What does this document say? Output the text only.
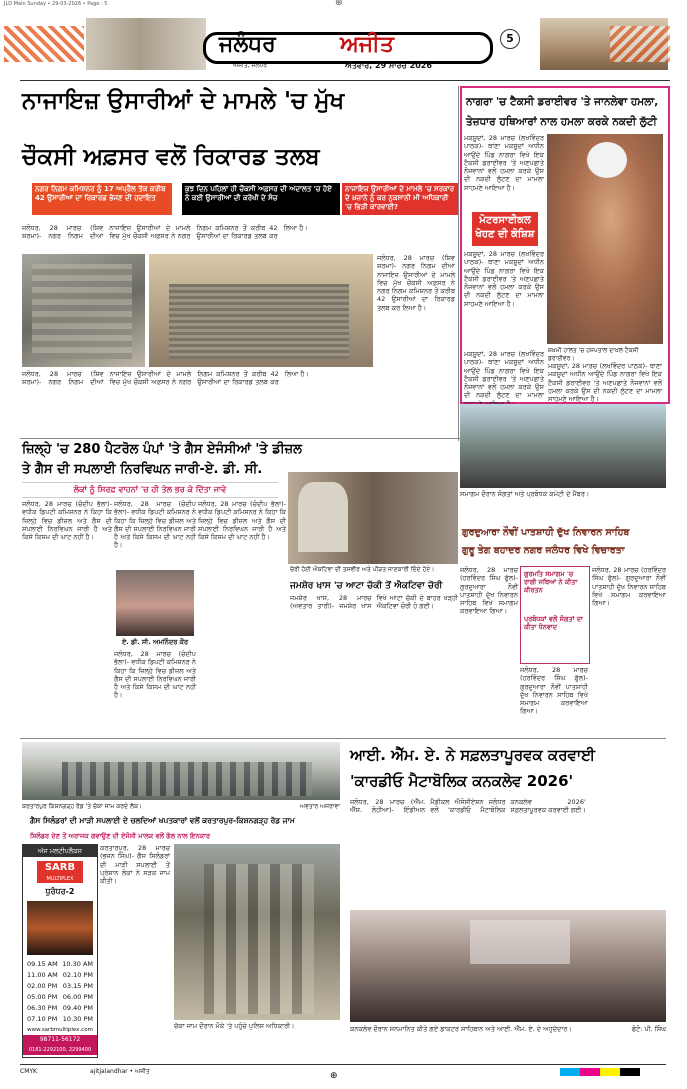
JLD Main Sunday • 29-03-2026 • Page : 5	⊕
ਜਲੰਧਰ	ਅਜੀਤ
ਅਜੀਤ, ਜਲੰਧਰ	ਐਤਵਾਰ, 29 ਮਾਰਚ 2026
5
ਨਾਜਾਇਜ਼ ਉਸਾਰੀਆਂ ਦੇ ਮਾਮਲੇ 'ਚ ਮੁੱਖ
ਚੌਕਸੀ ਅਫ਼ਸਰ ਵਲੋਂ ਰਿਕਾਰਡ ਤਲਬ
ਨਗਰ ਨਿਗਮ ਕਮਿਸ਼ਨਰ ਨੂੰ 17 ਅਪ੍ਰੈਲ ਤੱਕ ਕਰੀਬ 42 ਉਸਾਰੀਆਂ ਦਾ ਰਿਕਾਰਡ ਭੇਜਣ ਦੀ ਹਦਾਇਤ
ਕੁਝ ਦਿਨ ਪਹਿਲਾਂ ਹੀ ਚੌਕਸੀ ਅਫ਼ਸਰ ਦੀ ਅਦਾਲਤ 'ਚ ਹੋਏ ਨੇ ਕਈ ਉਸਾਰੀਆਂ ਦੀ ਕਰੋਖੀ ਦੇ ਸੰਚ
ਨਾਜਾਇਜ਼ ਉਸਾਰੀਆਂ ਦੇ ਮਾਮਲੇ 'ਚ ਸਰਕਾਰ ਦੇ ਖ਼ਜ਼ਾਨੇ ਨੂੰ ਕਰ ਨੁਕਸਾਨੀ ਮੀ ਅਧਿਕਾਰੀ 'ਚ ਭਿੜੀ ਕਾਰਵਾਈ?
ਜਲੰਧਰ, 28 ਮਾਰਚ (ਸ਼ਿਵ ਸ਼ਰਮਾ)- ਨਗਰ ਨਿਗਮ ਦੀਆਂ ਨਾਜਾਇਜ਼ ਉਸਾਰੀਆਂ ਦੇ ਮਾਮਲੇ ਵਿਚ ਮੁੱਖ ਚੌਕਸੀ ਅਫ਼ਸਰ ਨੇ ਨਗਰ ਨਿਗਮ ਕਮਿਸ਼ਨਰ ਤੋਂ ਕਰੀਬ 42 ਉਸਾਰੀਆਂ ਦਾ ਰਿਕਾਰਡ ਤਲਬ ਕਰ ਲਿਆ ਹੈ।
ਜਲੰਧਰ, 28 ਮਾਰਚ (ਸ਼ਿਵ ਸ਼ਰਮਾ)- ਨਗਰ ਨਿਗਮ ਦੀਆਂ ਨਾਜਾਇਜ਼ ਉਸਾਰੀਆਂ ਦੇ ਮਾਮਲੇ ਵਿਚ ਮੁੱਖ ਚੌਕਸੀ ਅਫ਼ਸਰ ਨੇ ਨਗਰ ਨਿਗਮ ਕਮਿਸ਼ਨਰ ਤੋਂ ਕਰੀਬ 42 ਉਸਾਰੀਆਂ ਦਾ ਰਿਕਾਰਡ ਤਲਬ ਕਰ ਲਿਆ ਹੈ।
ਜਲੰਧਰ, 28 ਮਾਰਚ (ਸ਼ਿਵ ਸ਼ਰਮਾ)- ਨਗਰ ਨਿਗਮ ਦੀਆਂ ਨਾਜਾਇਜ਼ ਉਸਾਰੀਆਂ ਦੇ ਮਾਮਲੇ ਵਿਚ ਮੁੱਖ ਚੌਕਸੀ ਅਫ਼ਸਰ ਨੇ ਨਗਰ ਨਿਗਮ ਕਮਿਸ਼ਨਰ ਤੋਂ ਕਰੀਬ 42 ਉਸਾਰੀਆਂ ਦਾ ਰਿਕਾਰਡ ਤਲਬ ਕਰ ਲਿਆ ਹੈ।
ਨਾਗਰਾ 'ਚ ਟੈਕਸੀ ਡਰਾਈਵਰ 'ਤੇ ਜਾਨਲੇਵਾ ਹਮਲਾ,
ਤੇਜ਼ਧਾਰ ਹਥਿਆਰਾਂ ਨਾਲ ਹਮਲਾ ਕਰਕੇ ਨਕਦੀ ਲੁੱਟੀ
ਮਕਸੂਦਾਂ, 28 ਮਾਰਚ (ਲਖਵਿੰਦਰ ਪਾਠਕ)- ਥਾਣਾ ਮਕਸੂਦਾਂ ਅਧੀਨ ਆਉਂਦੇ ਪਿੰਡ ਨਾਗਰਾ ਵਿਖੇ ਇਕ ਟੈਕਸੀ ਡਰਾਈਵਰ 'ਤੇ ਅਣਪਛਾਤੇ ਨੌਜਵਾਨਾਂ ਵਲੋਂ ਹਮਲਾ ਕਰਕੇ ਉਸ ਦੀ ਨਕਦੀ ਲੁੱਟਣ ਦਾ ਮਾਮਲਾ ਸਾਹਮਣੇ ਆਇਆ ਹੈ।
ਮੋਟਰਸਾਈਕਲ ਖੋਹਣ ਦੀ ਕੋਸ਼ਿਸ਼
ਮਕਸੂਦਾਂ, 28 ਮਾਰਚ (ਲਖਵਿੰਦਰ ਪਾਠਕ)- ਥਾਣਾ ਮਕਸੂਦਾਂ ਅਧੀਨ ਆਉਂਦੇ ਪਿੰਡ ਨਾਗਰਾ ਵਿਖੇ ਇਕ ਟੈਕਸੀ ਡਰਾਈਵਰ 'ਤੇ ਅਣਪਛਾਤੇ ਨੌਜਵਾਨਾਂ ਵਲੋਂ ਹਮਲਾ ਕਰਕੇ ਉਸ ਦੀ ਨਕਦੀ ਲੁੱਟਣ ਦਾ ਮਾਮਲਾ ਸਾਹਮਣੇ ਆਇਆ ਹੈ।
ਮਕਸੂਦਾਂ, 28 ਮਾਰਚ (ਲਖਵਿੰਦਰ ਪਾਠਕ)- ਥਾਣਾ ਮਕਸੂਦਾਂ ਅਧੀਨ ਆਉਂਦੇ ਪਿੰਡ ਨਾਗਰਾ ਵਿਖੇ ਇਕ ਟੈਕਸੀ ਡਰਾਈਵਰ 'ਤੇ ਅਣਪਛਾਤੇ ਨੌਜਵਾਨਾਂ ਵਲੋਂ ਹਮਲਾ ਕਰਕੇ ਉਸ ਦੀ ਨਕਦੀ ਲੁੱਟਣ ਦਾ ਮਾਮਲਾ
ਜ਼ਖ਼ਮੀ ਹਾਲਤ 'ਚ ਹਸਪਤਾਲ ਦਾਖ਼ਲ ਟੈਕਸੀ ਡਰਾਈਵਰ।
ਮਕਸੂਦਾਂ, 28 ਮਾਰਚ (ਲਖਵਿੰਦਰ ਪਾਠਕ)- ਥਾਣਾ ਮਕਸੂਦਾਂ ਅਧੀਨ ਆਉਂਦੇ ਪਿੰਡ ਨਾਗਰਾ ਵਿਖੇ ਇਕ ਟੈਕਸੀ ਡਰਾਈਵਰ 'ਤੇ ਅਣਪਛਾਤੇ ਨੌਜਵਾਨਾਂ ਵਲੋਂ ਹਮਲਾ ਕਰਕੇ ਉਸ ਦੀ ਨਕਦੀ ਲੁੱਟਣ ਦਾ ਮਾਮਲਾ ਸਾਹਮਣੇ ਆਇਆ ਹੈ।
ਜ਼ਿਲ੍ਹੇ 'ਚ 280 ਪੈਟਰੋਲ ਪੰਪਾਂ 'ਤੇ ਗੈਸ ਏਜੰਸੀਆਂ 'ਤੇ ਡੀਜ਼ਲ
ਤੇ ਗੈਸ ਦੀ ਸਪਲਾਈ ਨਿਰਵਿਘਨ ਜਾਰੀ-ਏ. ਡੀ. ਸੀ.
ਲੋਕਾਂ ਨੂੰ ਸਿਰਫ਼ ਵਾਹਨਾਂ 'ਚ ਹੀ ਤੇਲ ਭਰ ਕੇ ਦਿੱਤਾ ਜਾਵੇ
ਜਲੰਧਰ, 28 ਮਾਰਚ (ਚੰਦੀਪ ਭੱਲਾ)- ਵਧੀਕ ਡਿਪਟੀ ਕਮਿਸ਼ਨਰ ਨੇ ਕਿਹਾ ਕਿ ਜ਼ਿਲ੍ਹੇ ਵਿਚ ਡੀਜ਼ਲ ਅਤੇ ਗੈਸ ਦੀ ਸਪਲਾਈ ਨਿਰਵਿਘਨ ਜਾਰੀ ਹੈ ਅਤੇ ਕਿਸੇ ਕਿਸਮ ਦੀ ਘਾਟ ਨਹੀਂ ਹੈ।
ਜਲੰਧਰ, 28 ਮਾਰਚ (ਚੰਦੀਪ ਭੱਲਾ)- ਵਧੀਕ ਡਿਪਟੀ ਕਮਿਸ਼ਨਰ ਨੇ ਕਿਹਾ ਕਿ ਜ਼ਿਲ੍ਹੇ ਵਿਚ ਡੀਜ਼ਲ ਅਤੇ ਗੈਸ ਦੀ ਸਪਲਾਈ ਨਿਰਵਿਘਨ ਜਾਰੀ ਹੈ ਅਤੇ ਕਿਸੇ ਕਿਸਮ ਦੀ ਘਾਟ ਨਹੀਂ ਹੈ।
ਏ. ਡੀ. ਸੀ. ਅਮਨਿੰਦਰ ਕੌਰ
ਜਲੰਧਰ, 28 ਮਾਰਚ (ਚੰਦੀਪ ਭੱਲਾ)- ਵਧੀਕ ਡਿਪਟੀ ਕਮਿਸ਼ਨਰ ਨੇ ਕਿਹਾ ਕਿ ਜ਼ਿਲ੍ਹੇ ਵਿਚ ਡੀਜ਼ਲ ਅਤੇ ਗੈਸ ਦੀ ਸਪਲਾਈ ਨਿਰਵਿਘਨ ਜਾਰੀ ਹੈ ਅਤੇ ਕਿਸੇ ਕਿਸਮ ਦੀ ਘਾਟ ਨਹੀਂ ਹੈ।
ਜਲੰਧਰ, 28 ਮਾਰਚ (ਚੰਦੀਪ ਭੱਲਾ)- ਵਧੀਕ ਡਿਪਟੀ ਕਮਿਸ਼ਨਰ ਨੇ ਕਿਹਾ ਕਿ ਜ਼ਿਲ੍ਹੇ ਵਿਚ ਡੀਜ਼ਲ ਅਤੇ ਗੈਸ ਦੀ ਸਪਲਾਈ ਨਿਰਵਿਘਨ ਜਾਰੀ ਹੈ ਅਤੇ ਕਿਸੇ ਕਿਸਮ ਦੀ ਘਾਟ ਨਹੀਂ ਹੈ।
ਚੋਰੀ ਹੋਈ ਐਕਟਿਵਾ ਦੀ ਤਸਵੀਰ ਅਤੇ ਪੀੜਤ ਜਾਣਕਾਰੀ ਦਿੰਦੇ ਹੋਏ।
ਜਮਸ਼ੇਰ ਖਾਸ 'ਚ ਆਟਾ ਚੱਕੀ ਤੋਂ ਐਕਟਿਵਾ ਚੋਰੀ
ਜਮਸ਼ੇਰ ਖਾਸ, 28 ਮਾਰਚ (ਅਵਤਾਰ ਤਾਰੀ)- ਜਮਸ਼ੇਰ ਖਾਸ ਵਿਖੇ ਆਟਾ ਚੱਕੀ ਦੇ ਬਾਹਰ ਖੜ੍ਹੀ ਐਕਟਿਵਾ ਚੋਰੀ ਹੋ ਗਈ।
ਸਮਾਗਮ ਦੌਰਾਨ ਸੰਗਤਾਂ ਅਤੇ ਪ੍ਰਬੰਧਕ ਕਮੇਟੀ ਦੇ ਮੈਂਬਰ।
ਗੁਰਦੁਆਰਾ ਨੌਵੀਂ ਪਾਤਸ਼ਾਹੀ ਦੁੱਖ ਨਿਵਾਰਨ ਸਾਹਿਬ
ਗੁਰੂ ਤੇਗ ਬਹਾਦਰ ਨਗਰ ਜਲੰਧਰ ਵਿਖੇ ਵਿਚਾਰਤਾ
ਜਲੰਧਰ, 28 ਮਾਰਚ (ਹਰਵਿੰਦਰ ਸਿੰਘ ਫੁੱਲ)- ਗੁਰਦੁਆਰਾ ਨੌਵੀਂ ਪਾਤਸ਼ਾਹੀ ਦੁੱਖ ਨਿਵਾਰਨ ਸਾਹਿਬ ਵਿਖੇ ਸਮਾਗਮ ਕਰਵਾਇਆ ਗਿਆ।
ਗੁਰਮਤਿ ਸਮਾਗਮ 'ਚ ਰਾਗੀ ਜਥਿਆਂ ਨੇ ਕੀਤਾ ਕੀਰਤਨ
ਪ੍ਰਬੰਧਕਾਂ ਵਲੋਂ ਸੰਗਤਾਂ ਦਾ ਕੀਤਾ ਧੰਨਵਾਦ
ਜਲੰਧਰ, 28 ਮਾਰਚ (ਹਰਵਿੰਦਰ ਸਿੰਘ ਫੁੱਲ)- ਗੁਰਦੁਆਰਾ ਨੌਵੀਂ ਪਾਤਸ਼ਾਹੀ ਦੁੱਖ ਨਿਵਾਰਨ ਸਾਹਿਬ ਵਿਖੇ ਸਮਾਗਮ ਕਰਵਾਇਆ ਗਿਆ।
ਜਲੰਧਰ, 28 ਮਾਰਚ (ਹਰਵਿੰਦਰ ਸਿੰਘ ਫੁੱਲ)- ਗੁਰਦੁਆਰਾ ਨੌਵੀਂ ਪਾਤਸ਼ਾਹੀ ਦੁੱਖ ਨਿਵਾਰਨ ਸਾਹਿਬ ਵਿਖੇ ਸਮਾਗਮ ਕਰਵਾਇਆ ਗਿਆ।
ਕਰਤਾਰਪੁਰ ਕਿਸ਼ਨਗੜ੍ਹ ਰੋਡ 'ਤੇ ਚੱਕਾ ਜਾਮ ਕਰਦੇ ਲੋਕ।	ਅਵਤਾਰ ਅਜਰਾਵਾ
ਗੈਸ ਸਿਲੰਡਰਾਂ ਦੀ ਮਾੜੀ ਸਪਲਾਈ ਦੇ ਚਲਦਿਆਂ ਖਪਤਕਾਰਾਂ ਵਲੋਂ ਕਰਤਾਰਪੁਰ-ਕਿਸ਼ਨਗੜ੍ਹ ਰੋਡ ਜਾਮ
ਸਿਲੰਡਰ ਦੇਣ ਤੋਂ ਅਰਾਜਕ ਗਵਾਉਣ ਦੀ ਏਜੰਸੀ ਮਾਲਕ ਵਲੋਂ ਗੱਲ ਨਾਲ ਇਨਕਾਰ
ਅੱਜ ਮਲਟੀਪਲੈਕਸ
SARB
MULTIPLEX
ਧੁਰੰਧਰ-2
09.15 AM 10.30 AM
11.00 AM 02.10 PM
02.00 PM 03.15 PM
05.00 PM 06.00 PM
06.30 PM 09.40 PM
07.10 PM 10.30 PM
www.sarbmultiplex.com
98711-56172
0181-2292100, 2299400
ਕਰਤਾਰਪੁਰ, 28 ਮਾਰਚ (ਭਜਨ ਸਿੰਘ)- ਗੈਸ ਸਿਲੰਡਰਾਂ ਦੀ ਮਾੜੀ ਸਪਲਾਈ ਤੋਂ ਪ੍ਰੇਸ਼ਾਨ ਲੋਕਾਂ ਨੇ ਸੜਕ ਜਾਮ ਕੀਤੀ।
ਚੱਕਾ ਜਾਮ ਦੌਰਾਨ ਮੌਕੇ 'ਤੇ ਪਹੁੰਚੇ ਪੁਲਿਸ ਅਧਿਕਾਰੀ।
ਆਈ. ਐੱਮ. ਏ. ਨੇ ਸਫ਼ਲਤਾਪੂਰਵਕ ਕਰਵਾਈ
'ਕਾਰਡੀਓ ਮੈਟਾਬੋਲਿਕ ਕਨਕਲੇਵ 2026'
ਜਲੰਧਰ, 28 ਮਾਰਚ (ਐੱਮ. ਐੱਸ. ਲੋਹੀਆ)- ਇੰਡੀਅਨ ਮੈਡੀਕਲ ਐਸੋਸੀਏਸ਼ਨ ਜਲੰਧਰ ਵਲੋਂ 'ਕਾਰਡੀਓ ਮੈਟਾਬੋਲਿਕ ਕਨਕਲੇਵ 2026' ਸਫ਼ਲਤਾਪੂਰਵਕ ਕਰਵਾਈ ਗਈ।
ਕਨਕਲੇਵ ਦੌਰਾਨ ਸਨਮਾਨਿਤ ਕੀਤੇ ਗਏ ਡਾਕਟਰ ਸਾਹਿਬਾਨ ਅਤੇ ਆਈ. ਐੱਮ. ਏ. ਦੇ ਅਹੁਦੇਦਾਰ।	ਫੋਟੋ: ਪੀ. ਸਿੰਘ
CMYK	ajitjalandhar • ਅਜੀਤ	⊕
